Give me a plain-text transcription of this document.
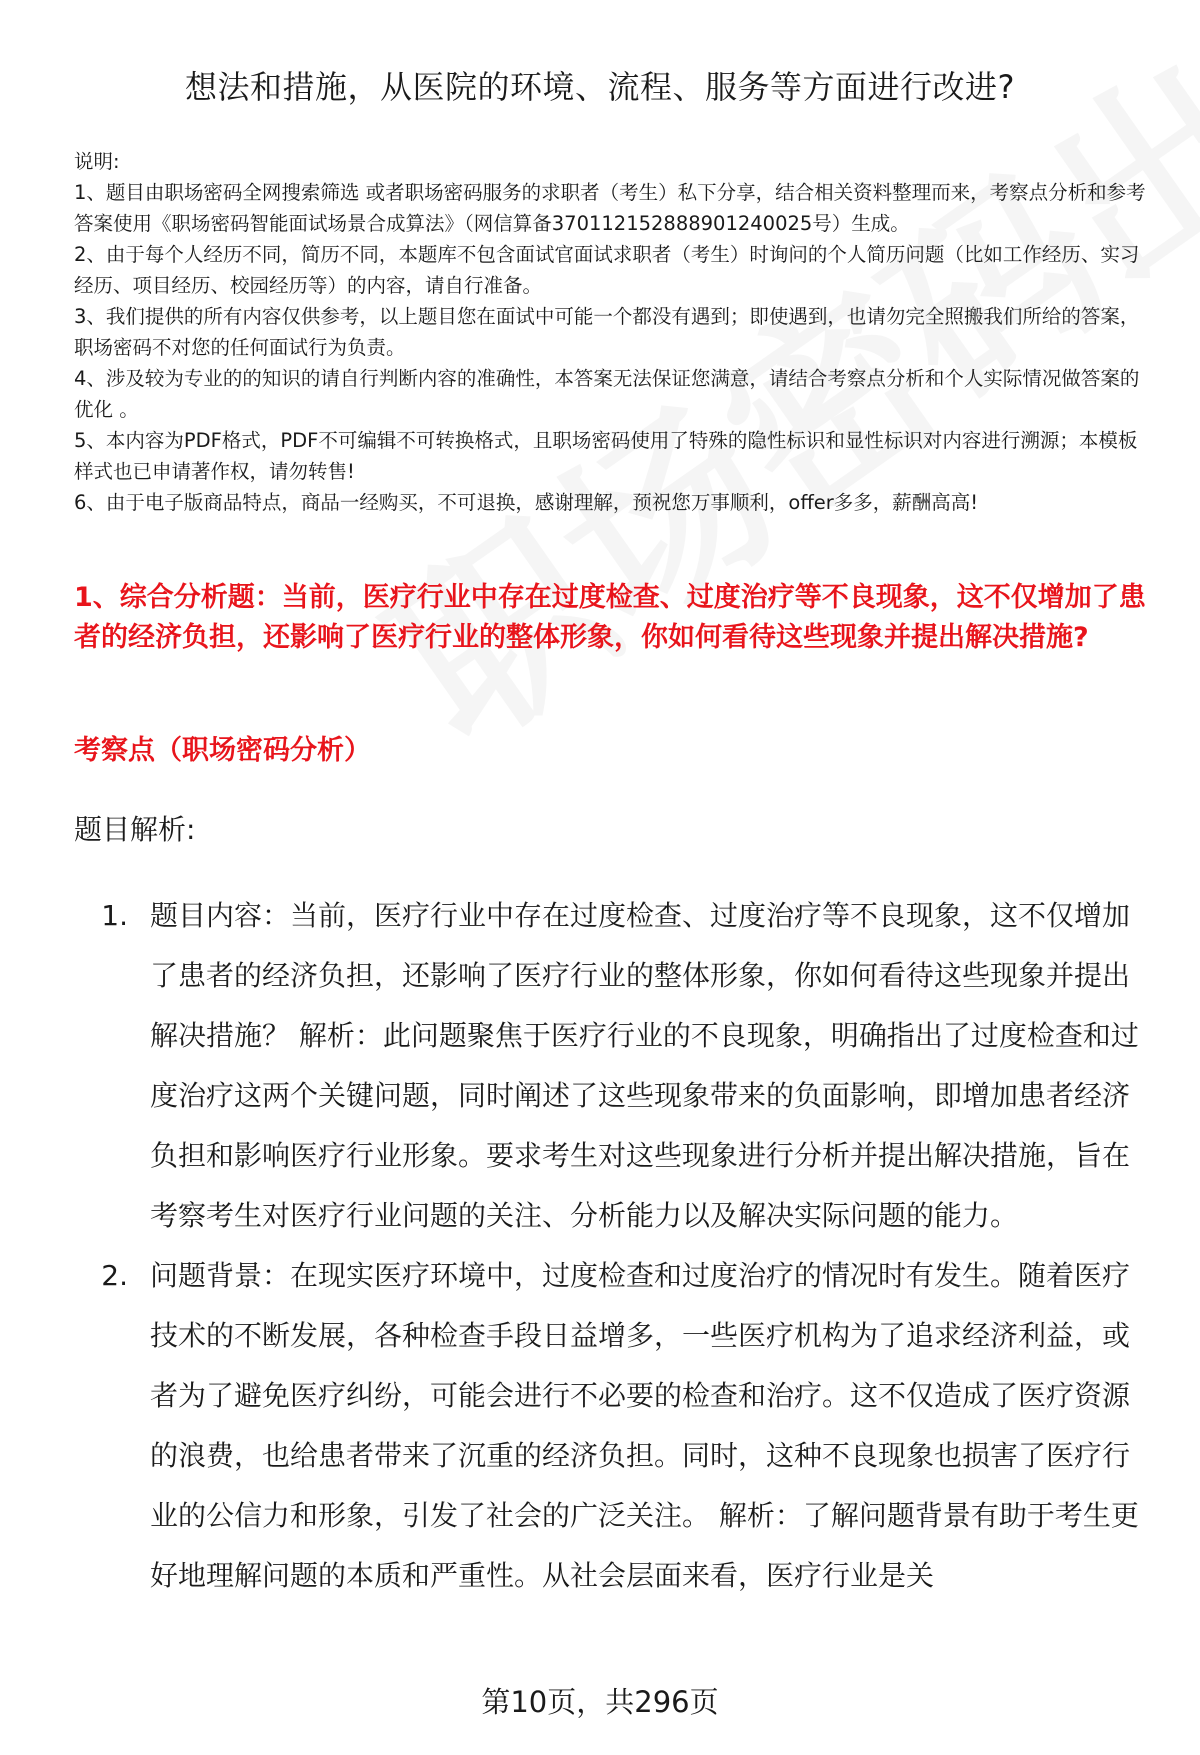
想法和措施，从医院的环境、流程、服务等方面进行改进?

说明:

1、题目由职场密码全网搜索筛选 或者职场密码服务的求职者（考生）私下分享，结合相关资料整理而来，考察点分析和参考答案使用《职场密码智能面试场景合成算法》（网信算备370112152888901240025号）生成。

2、由于每个人经历不同，简历不同，本题库不包含面试官面试求职者（考生）时询问的个人简历问题（比如工作经历、实习经历、项目经历、校园经历等）的内容，请自行准备。

3、我们提供的所有内容仅供参考，以上题目您在面试中可能一个都没有遇到；即使遇到，也请勿完全照搬我们所给的答案，职场密码不对您的任何面试行为负责。

4、涉及较为专业的的知识的请自行判断内容的准确性，本答案无法保证您满意，请结合考察点分析和个人实际情况做答案的优化 。

5、本内容为PDF格式，PDF不可编辑不可转换格式，且职场密码使用了特殊的隐性标识和显性标识对内容进行溯源；本模板样式也已申请著作权，请勿转售!

6、由于电子版商品特点，商品一经购买，不可退换，感谢理解，预祝您万事顺利，offer多多，薪酬高高!

1、综合分析题：当前，医疗行业中存在过度检查、过度治疗等不良现象，这不仅增加了患者的经济负担，还影响了医疗行业的整体形象，你如何看待这些现象并提出解决措施?
考察点（职场密码分析）
题目解析:
1. 题目内容：当前，医疗行业中存在过度检查、过度治疗等不良现象，这不仅增加了患者的经济负担，还影响了医疗行业的整体形象，你如何看待这些现象并提出解决措施？ 解析：此问题聚焦于医疗行业的不良现象，明确指出了过度检查和过度治疗这两个关键问题，同时阐述了这些现象带来的负面影响，即增加患者经济负担和影响医疗行业形象。要求考生对这些现象进行分析并提出解决措施，旨在考察考生对医疗行业问题的关注、分析能力以及解决实际问题的能力。
2. 问题背景：在现实医疗环境中，过度检查和过度治疗的情况时有发生。随着医疗技术的不断发展，各种检查手段日益增多，一些医疗机构为了追求经济利益，或者为了避免医疗纠纷，可能会进行不必要的检查和治疗。这不仅造成了医疗资源的浪费，也给患者带来了沉重的经济负担。同时，这种不良现象也损害了医疗行业的公信力和形象，引发了社会的广泛关注。 解析：了解问题背景有助于考生更好地理解问题的本质和严重性。从社会层面来看，医疗行业是关
第10页，共296页
